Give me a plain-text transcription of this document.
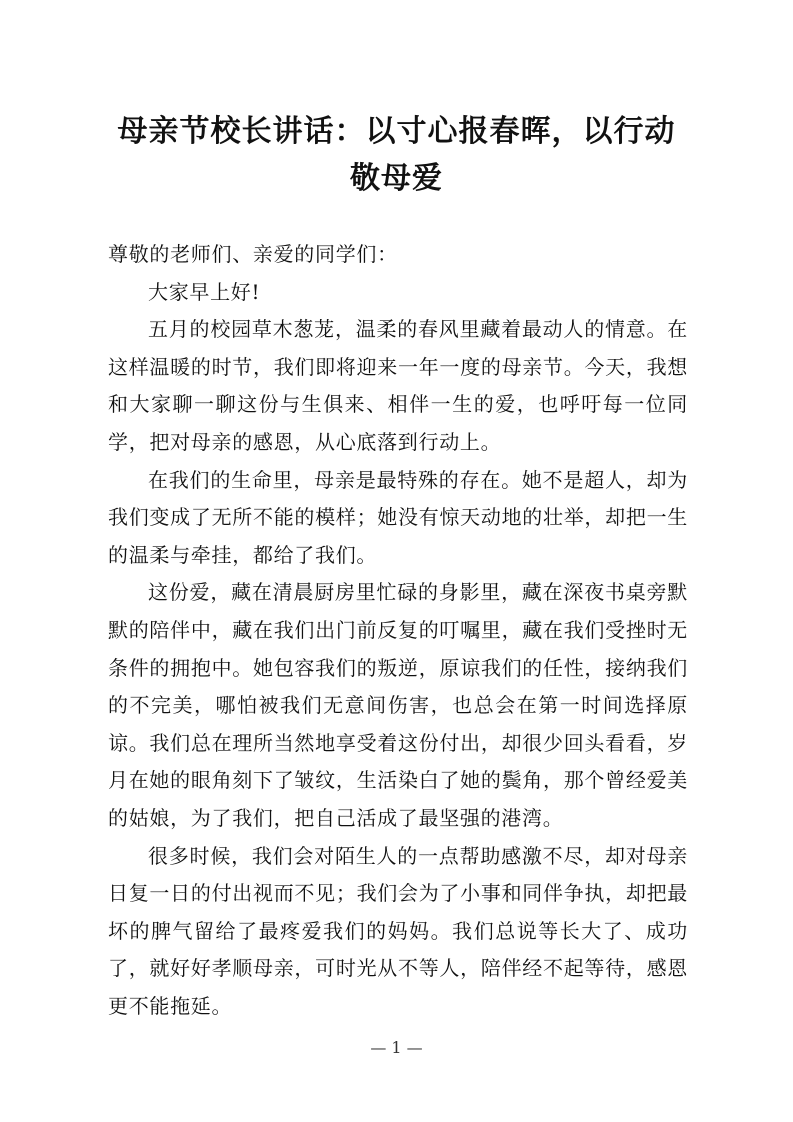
母亲节校长讲话：以寸心报春晖，以行动
敬母爱

尊敬的老师们、亲爱的同学们：

大家早上好!

五月的校园草木葱茏，温柔的春风里藏着最动人的情意。在这样温暖的时节，我们即将迎来一年一度的母亲节。今天，我想和大家聊一聊这份与生俱来、相伴一生的爱，也呼吁每一位同学，把对母亲的感恩，从心底落到行动上。

在我们的生命里，母亲是最特殊的存在。她不是超人，却为我们变成了无所不能的模样；她没有惊天动地的壮举，却把一生的温柔与牵挂，都给了我们。

这份爱，藏在清晨厨房里忙碌的身影里，藏在深夜书桌旁默默的陪伴中，藏在我们出门前反复的叮嘱里，藏在我们受挫时无条件的拥抱中。她包容我们的叛逆，原谅我们的任性，接纳我们的不完美，哪怕被我们无意间伤害，也总会在第一时间选择原谅。我们总在理所当然地享受着这份付出，却很少回头看看，岁月在她的眼角刻下了皱纹，生活染白了她的鬓角，那个曾经爱美的姑娘，为了我们，把自己活成了最坚强的港湾。

很多时候，我们会对陌生人的一点帮助感激不尽，却对母亲日复一日的付出视而不见；我们会为了小事和同伴争执，却把最坏的脾气留给了最疼爱我们的妈妈。我们总说等长大了、成功了，就好好孝顺母亲，可时光从不等人，陪伴经不起等待，感恩更不能拖延。

— 1 —
